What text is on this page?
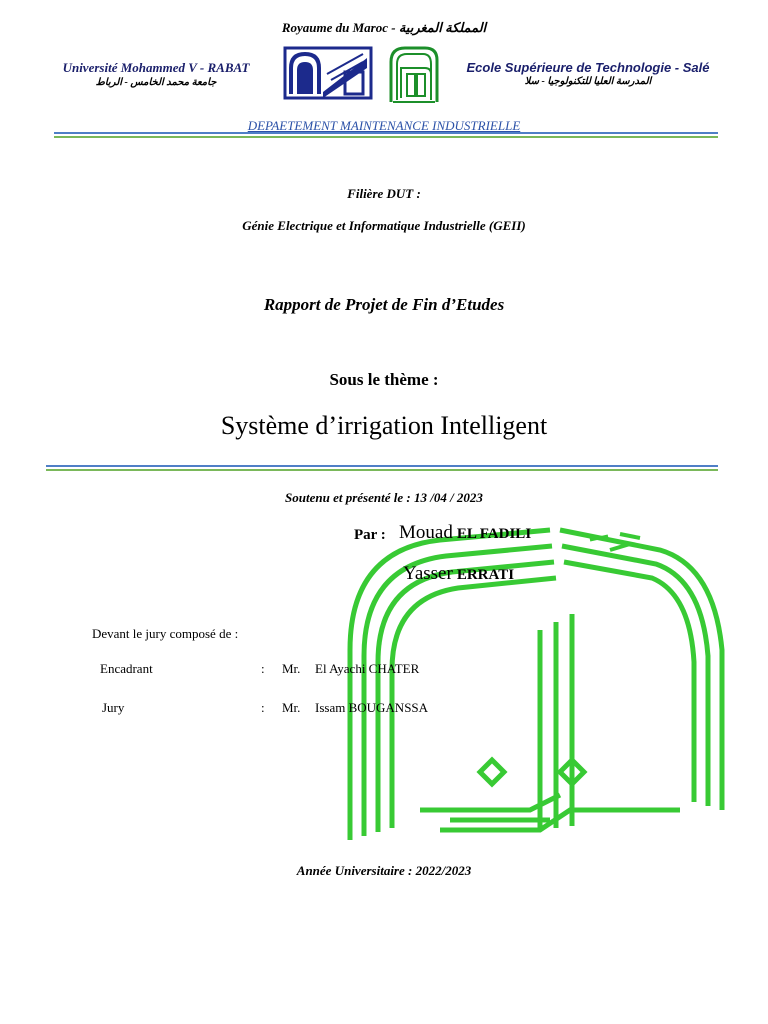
Royaume du Maroc - المملكة المغربية
Université Mohammed V - RABAT
جامعة محمد الخامس - الرباط
Ecole Supérieure de Technologie - Salé
المدرسة العليا للتكنولوجيا - سلا
DEPAETEMENT MAINTENANCE INDUSTRIELLE
Filière DUT :
Génie Electrique et Informatique Industrielle (GEII)
Rapport de Projet de Fin d’Etudes
Sous le thème :
Système d’irrigation Intelligent
Soutenu et présenté le : 13 /04 / 2023
Par : Mouad EL FADILI
Yasser ERRATI
Devant le jury composé de :
Encadrant	: Mr. El Ayachi CHATER
Jury	: Mr. Issam BOUGANSSA
Année Universitaire : 2022/2023
